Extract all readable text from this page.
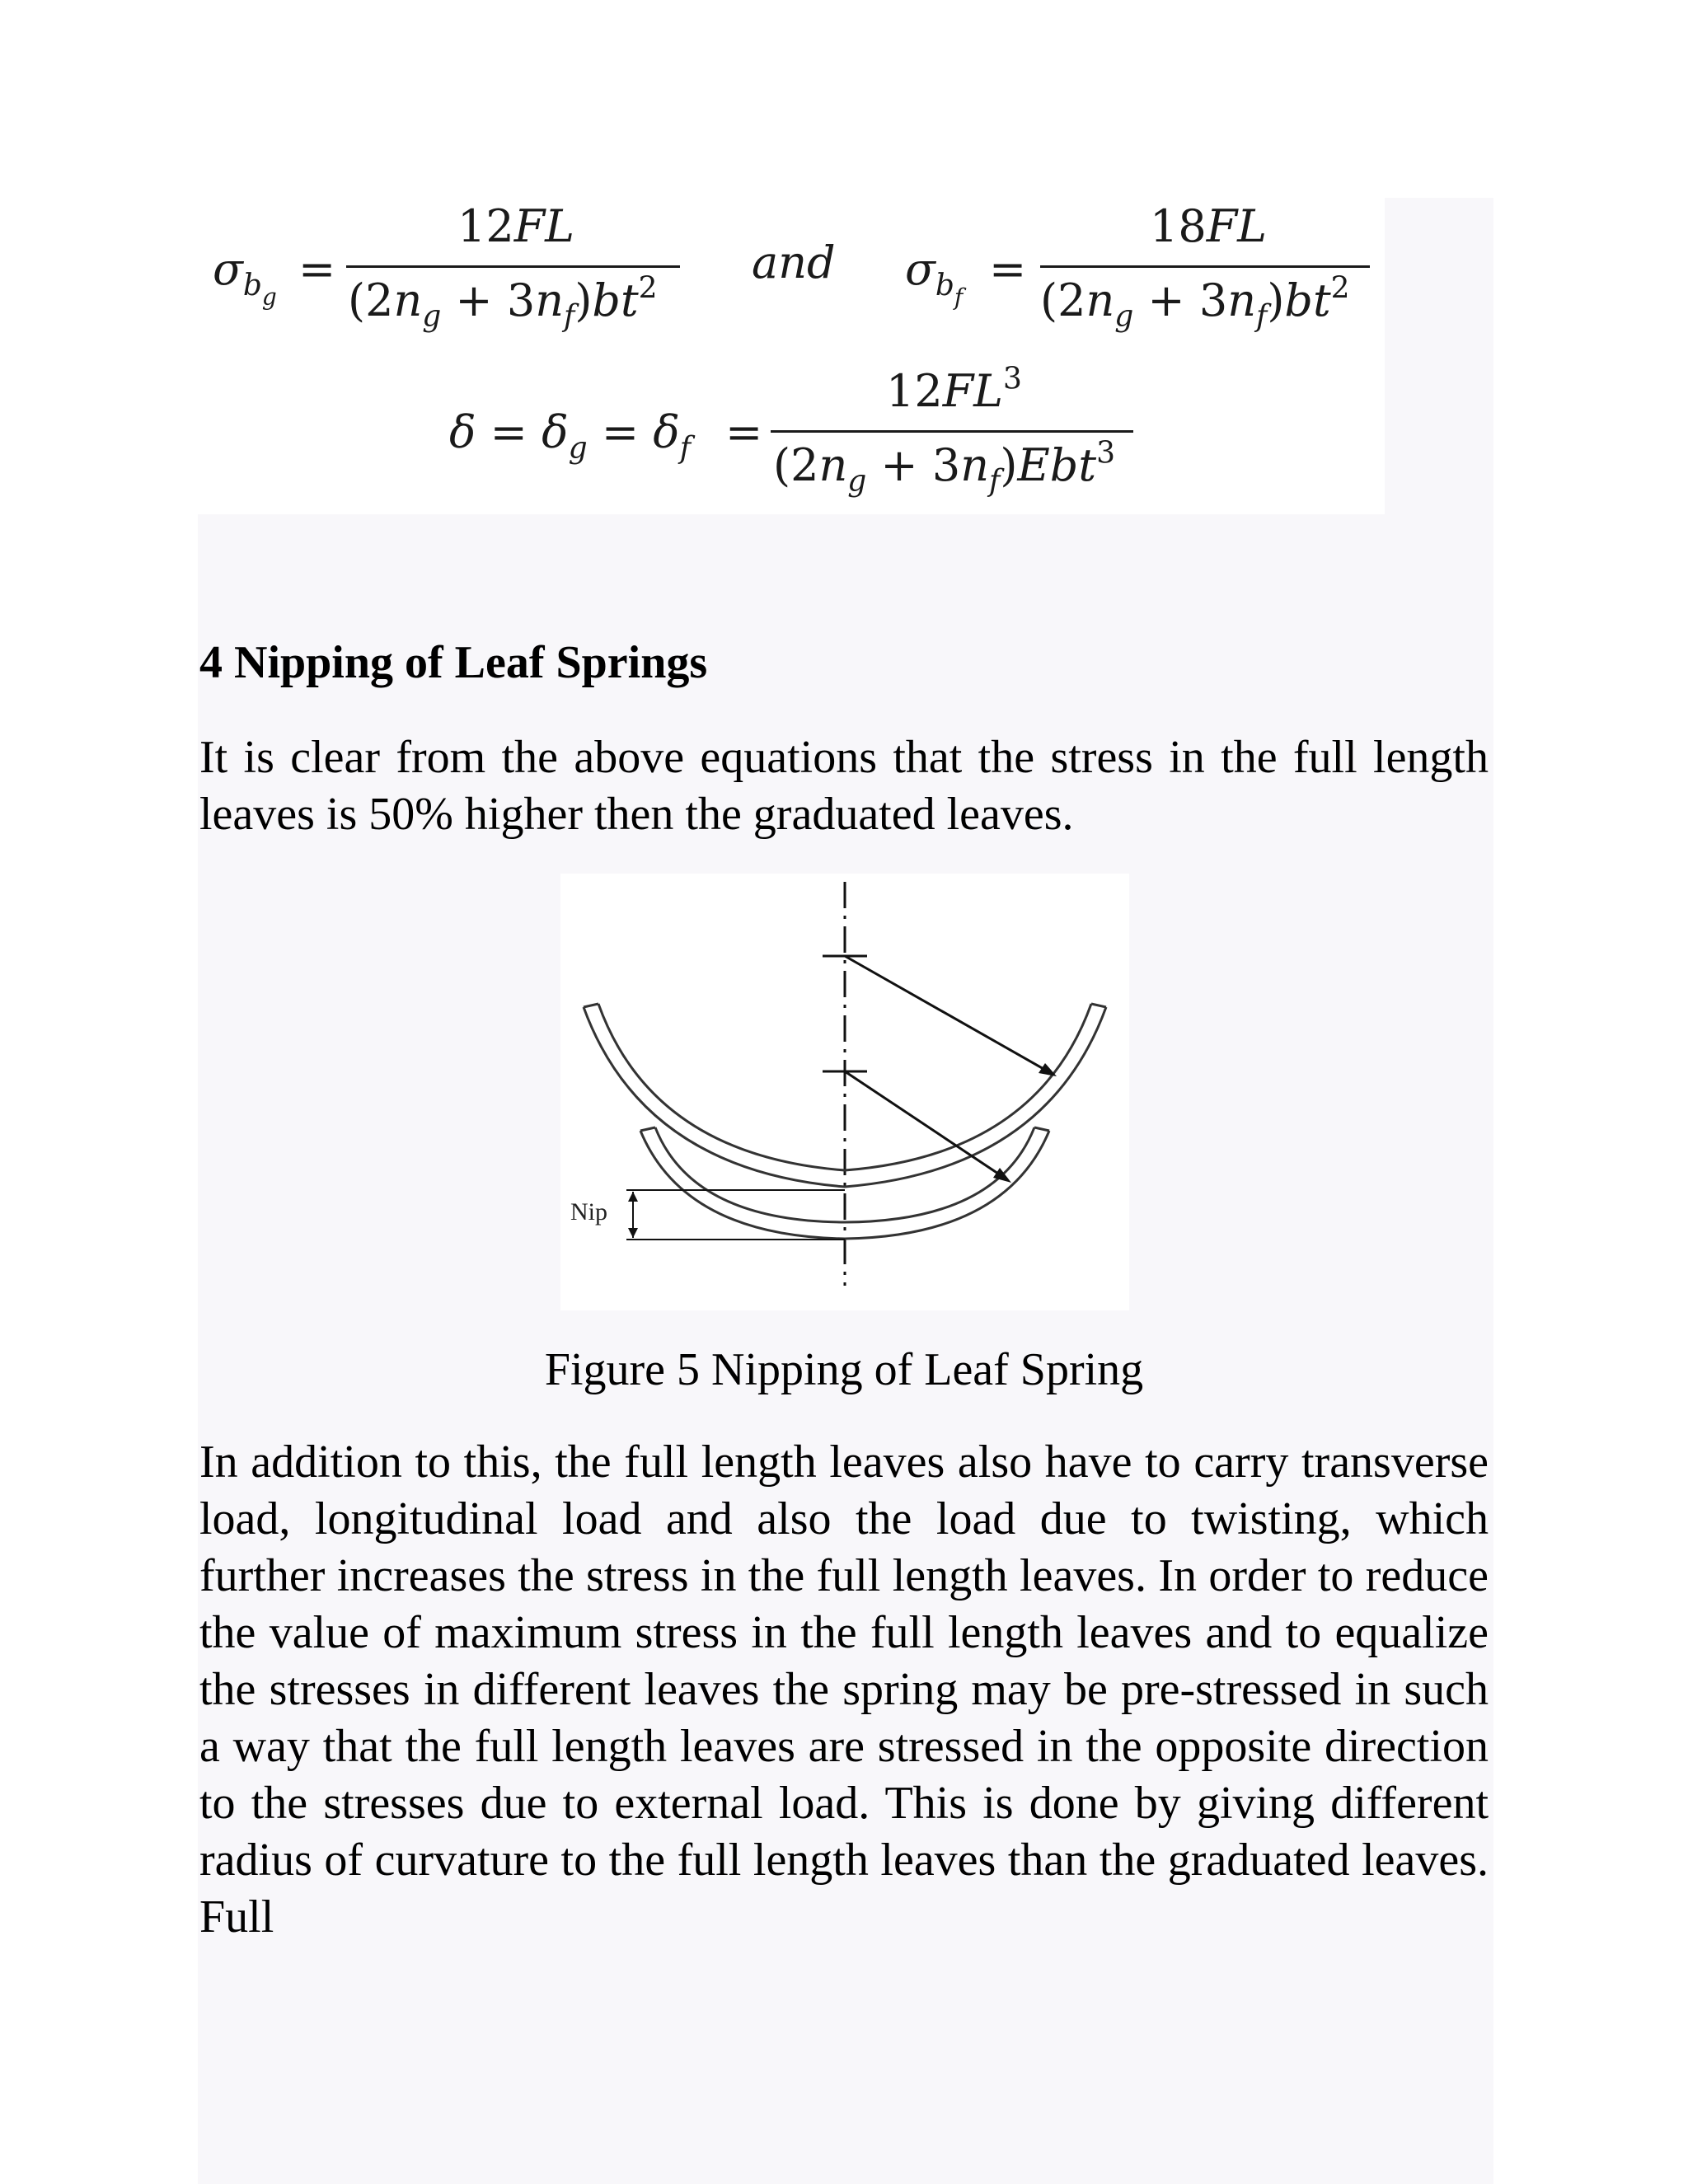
$\sigma_{b_g}$
=
12FL
$(2n_g + 3n_f)bt^2$ and $\sigma_{b_f}$
=
18FL
$(2n_g + 3n_f)bt^2$
$\delta = \delta_g = \delta_f$ =
$12FL^3$
$(2n_g + 3n_f)Ebt^3$
4 Nipping of Leaf Springs

It is clear from the above equations that the stress in the full length leaves is 50% higher then the graduated leaves.

Nip
Figure 5 Nipping of Leaf Spring

In addition to this, the full length leaves also have to carry transverse load, longitudinal load and also the load due to twisting, which further increases the stress in the full length leaves. In order to reduce the value of maximum stress in the full length leaves and to equalize the stresses in different leaves the spring may be pre-stressed in such a way that the full length leaves are stressed in the opposite direction to the stresses due to external load. This is done by giving different radius of curvature to the full length leaves than the graduated leaves. Full
